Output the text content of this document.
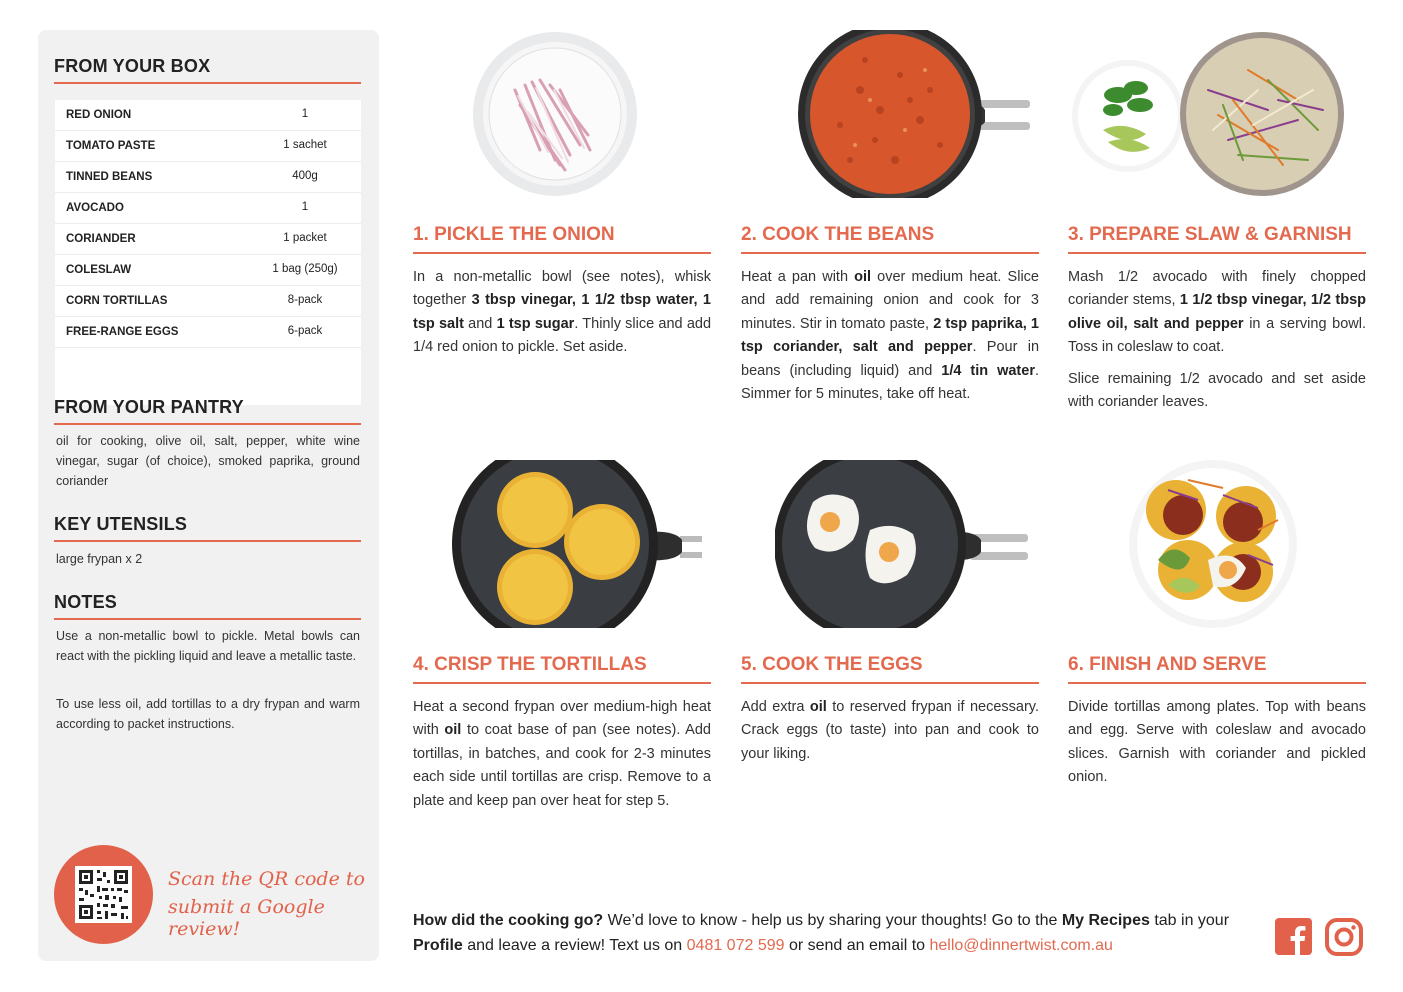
FROM YOUR BOX
RED ONION	1
TOMATO PASTE	1 sachet
TINNED BEANS	400g
AVOCADO	1
CORIANDER	1 packet
COLESLAW	1 bag (250g)
CORN TORTILLAS	8-pack
FREE-RANGE EGGS	6-pack
FROM YOUR PANTRY
oil for cooking, olive oil, salt, pepper, white wine vinegar, sugar (of choice), smoked paprika, ground coriander
KEY UTENSILS
large frypan x 2
NOTES
Use a non-metallic bowl to pickle. Metal bowls can react with the pickling liquid and leave a metallic taste.
To use less oil, add tortillas to a dry frypan and warm according to packet instructions.
Scan the QR code to
submit a Google review!
1. PICKLE THE ONION	2. COOK THE BEANS	3. PREPARE SLAW & GARNISH
4. CRISP THE TORTILLAS	5. COOK THE EGGS	6. FINISH AND SERVE

In a non-metallic bowl (see notes), whisk together 3 tbsp vinegar, 1 1/2 tbsp water, 1 tsp salt and 1 tsp sugar. Thinly slice and add 1/4 red onion to pickle. Set aside.

Heat a pan with oil over medium heat. Slice and add remaining onion and cook for 3 minutes. Stir in tomato paste, 2 tsp paprika, 1 tsp coriander, salt and pepper. Pour in beans (including liquid) and 1/4 tin water. Simmer for 5 minutes, take off heat.

Mash 1/2 avocado with finely chopped coriander stems, 1 1/2 tbsp vinegar, 1/2 tbsp olive oil, salt and pepper in a serving bowl. Toss in coleslaw to coat.

Slice remaining 1/2 avocado and set aside with coriander leaves.

Heat a second frypan over medium-high heat with oil to coat base of pan (see notes). Add tortillas, in batches, and cook for 2-3 minutes each side until tortillas are crisp. Remove to a plate and keep pan over heat for step 5.

Add extra oil to reserved frypan if necessary. Crack eggs (to taste) into pan and cook to your liking.

Divide tortillas among plates. Top with beans and egg. Serve with coleslaw and avocado slices. Garnish with coriander and pickled onion.

How did the cooking go? We’d love to know - help us by sharing your thoughts! Go to the My Recipes tab in your Profile and leave a review! Text us on 0481 072 599 or send an email to hello@dinnertwist.com.au
